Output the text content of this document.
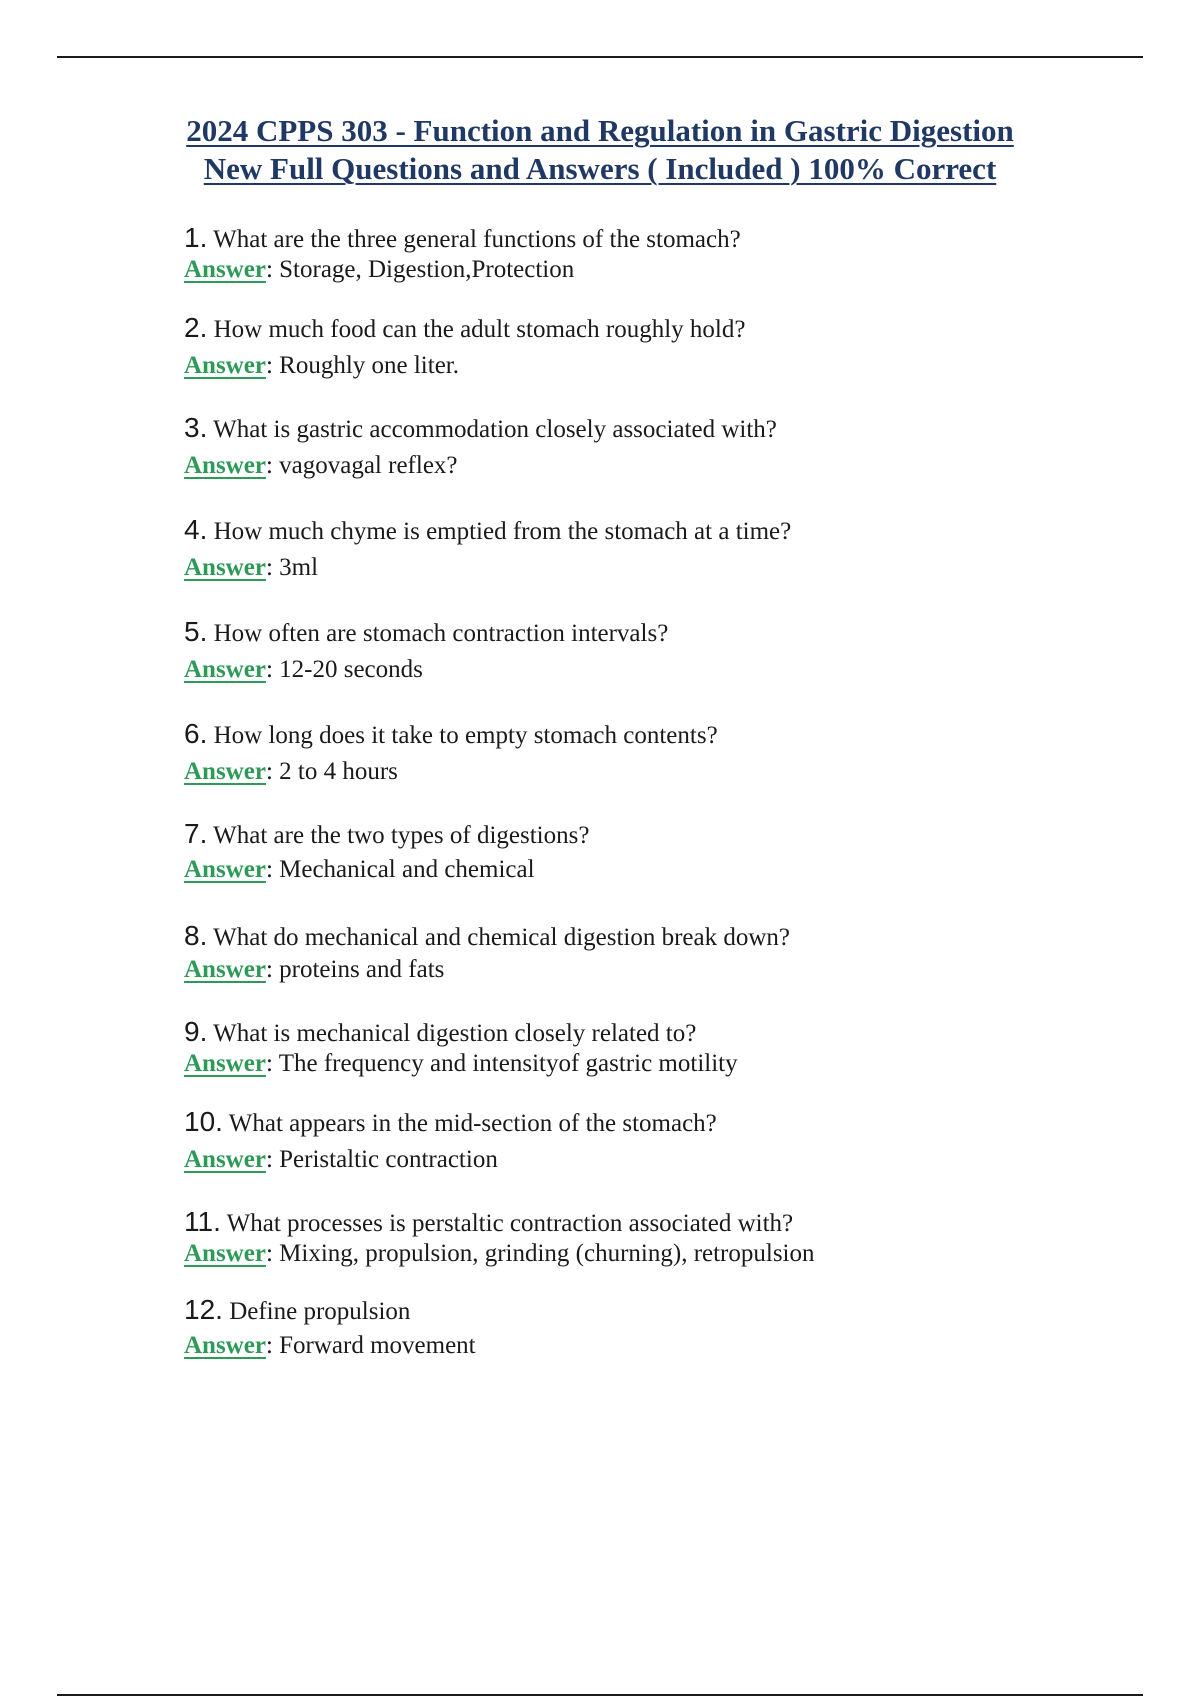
2024 CPPS 303 - Function and Regulation in Gastric Digestion
New Full Questions and Answers ( Included ) 100% Correct
1. What are the three general functions of the stomach?
Answer: Storage, Digestion,Protection
2. How much food can the adult stomach roughly hold?
Answer: Roughly one liter.
3. What is gastric accommodation closely associated with?
Answer: vagovagal reflex?
4. How much chyme is emptied from the stomach at a time?
Answer: 3ml
5. How often are stomach contraction intervals?
Answer: 12-20 seconds
6. How long does it take to empty stomach contents?
Answer: 2 to 4 hours
7. What are the two types of digestions?
Answer: Mechanical and chemical
8. What do mechanical and chemical digestion break down?
Answer: proteins and fats
9. What is mechanical digestion closely related to?
Answer: The frequency and intensityof gastric motility
10. What appears in the mid-section of the stomach?
Answer: Peristaltic contraction
11. What processes is perstaltic contraction associated with?
Answer: Mixing, propulsion, grinding (churning), retropulsion
12. Define propulsion
Answer: Forward movement
